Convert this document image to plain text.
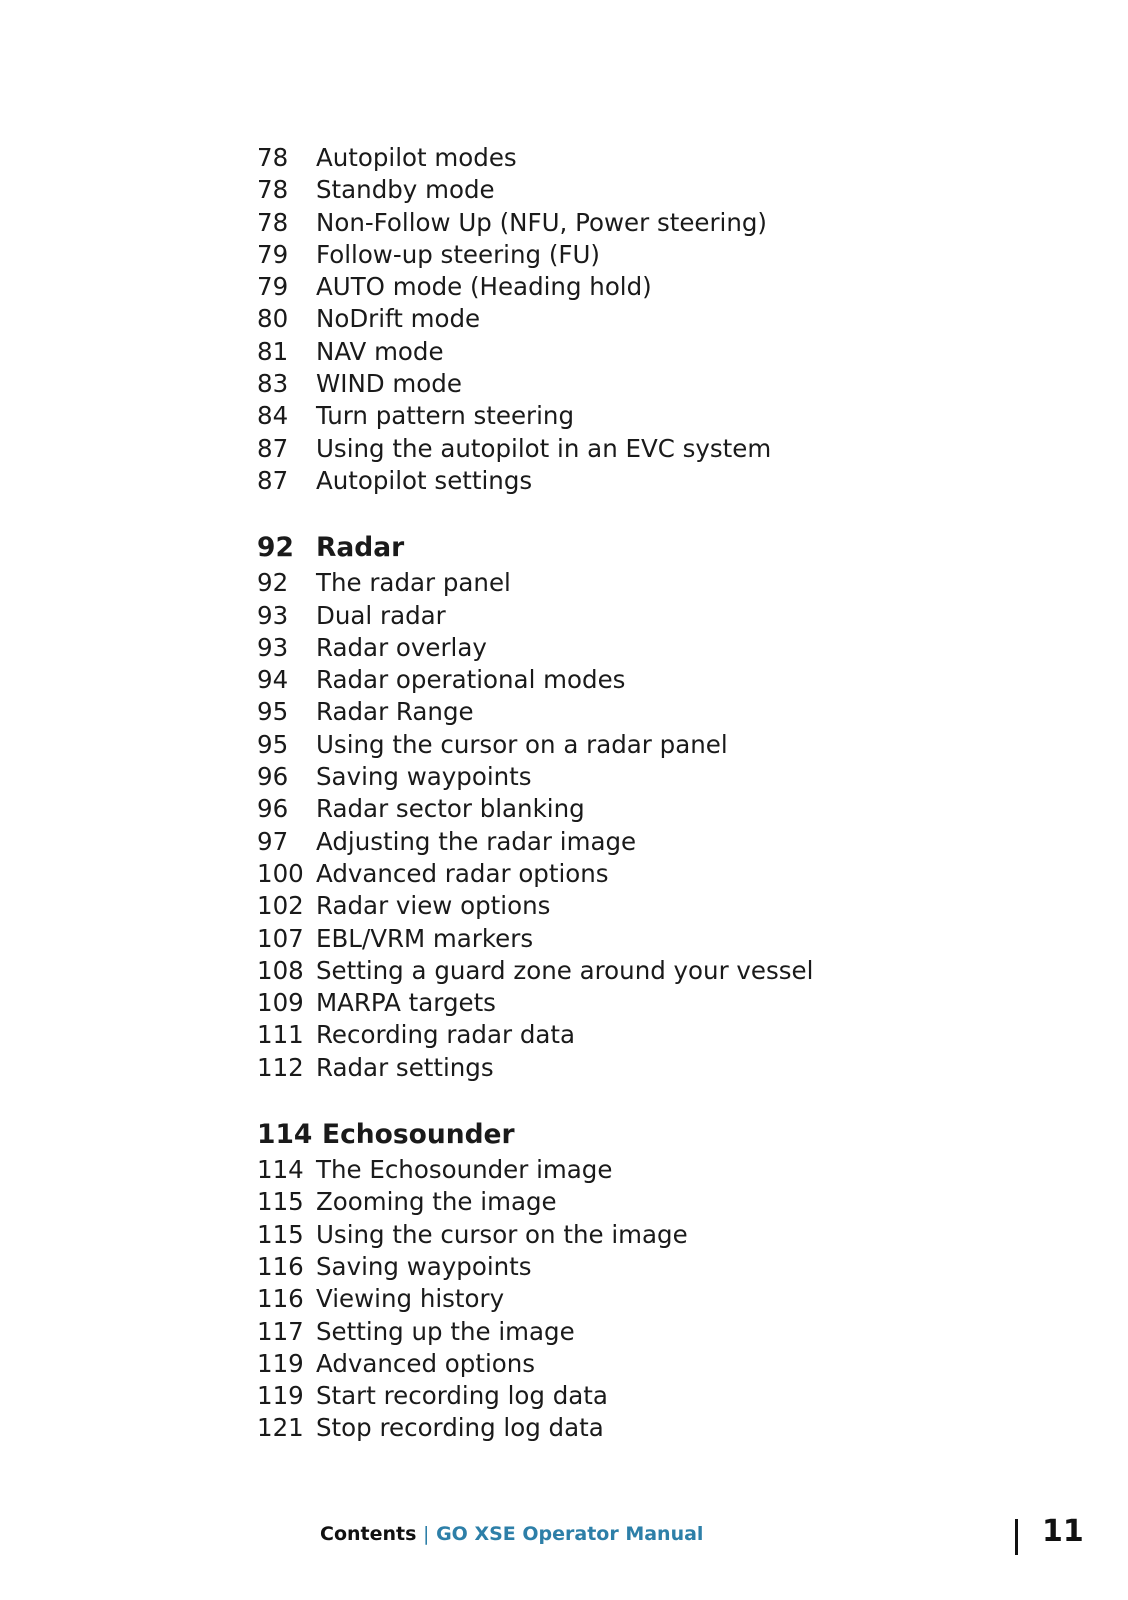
78	Autopilot modes
78	Standby mode
78	Non-Follow Up (NFU, Power steering)
79	Follow-up steering (FU)
79	AUTO mode (Heading hold)
80	NoDrift mode
81	NAV mode
83	WIND mode
84	Turn pattern steering
87	Using the autopilot in an EVC system
87	Autopilot settings
92 Radar
92	The radar panel
93	Dual radar
93	Radar overlay
94	Radar operational modes
95	Radar Range
95	Using the cursor on a radar panel
96	Saving waypoints
96	Radar sector blanking
97	Adjusting the radar image
100 Advanced radar options
102 Radar view options
107 EBL/VRM markers
108 Setting a guard zone around your vessel
109 MARPA targets
111 Recording radar data
112 Radar settings
114 Echosounder
114 The Echosounder image
115 Zooming the image
115 Using the cursor on the image
116 Saving waypoints
116 Viewing history
117 Setting up the image
119 Advanced options
119 Start recording log data
121 Stop recording log data
Contents | GO XSE Operator Manual	11
